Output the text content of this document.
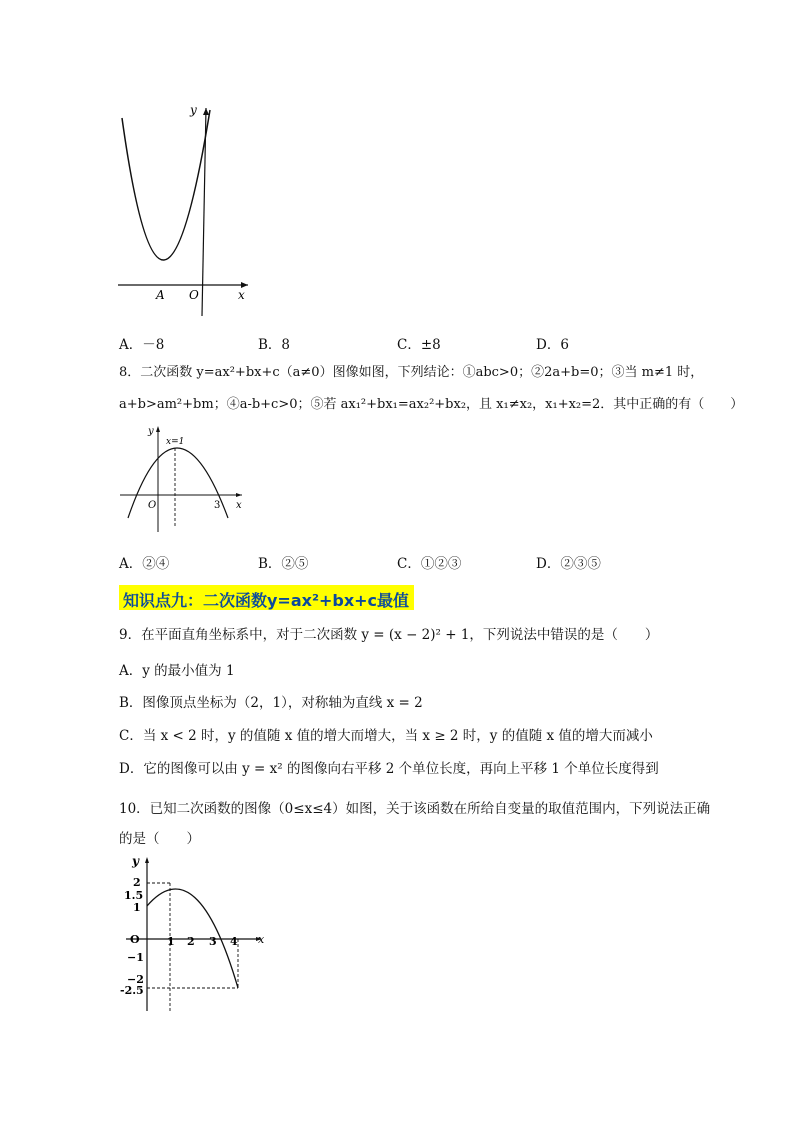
y
x
A O
A．－8	B．8	C．±8	D．6
8．二次函数 y=ax²+bx+c（a≠0）图像如图，下列结论：①abc>0；②2a+b=0；③当 m≠1 时，
a+b>am²+bm；④a-b+c>0；⑤若 ax₁²+bx₁=ax₂²+bx₂，且 x₁≠x₂，x₁+x₂=2．其中正确的有（　　）
y
x
x=1
O	3
A．②④	B．②⑤	C．①②③	D．②③⑤
知识点九：二次函数y=ax²+bx+c最值
9．在平面直角坐标系中，对于二次函数 y = (x − 2)² + 1，下列说法中错误的是（　　）
A．y 的最小值为 1
B．图像顶点坐标为（2，1），对称轴为直线 x = 2
C．当 x < 2 时，y 的值随 x 值的增大而增大，当 x ≥ 2 时，y 的值随 x 值的增大而减小
D．它的图像可以由 y = x² 的图像向右平移 2 个单位长度，再向上平移 1 个单位长度得到
10．已知二次函数的图像（0≤x≤4）如图，关于该函数在所给自变量的取值范围内，下列说法正确
的是（　　）
y
x
O 1 2 3 4
2
1.5
1
−1
−2
-2.5
